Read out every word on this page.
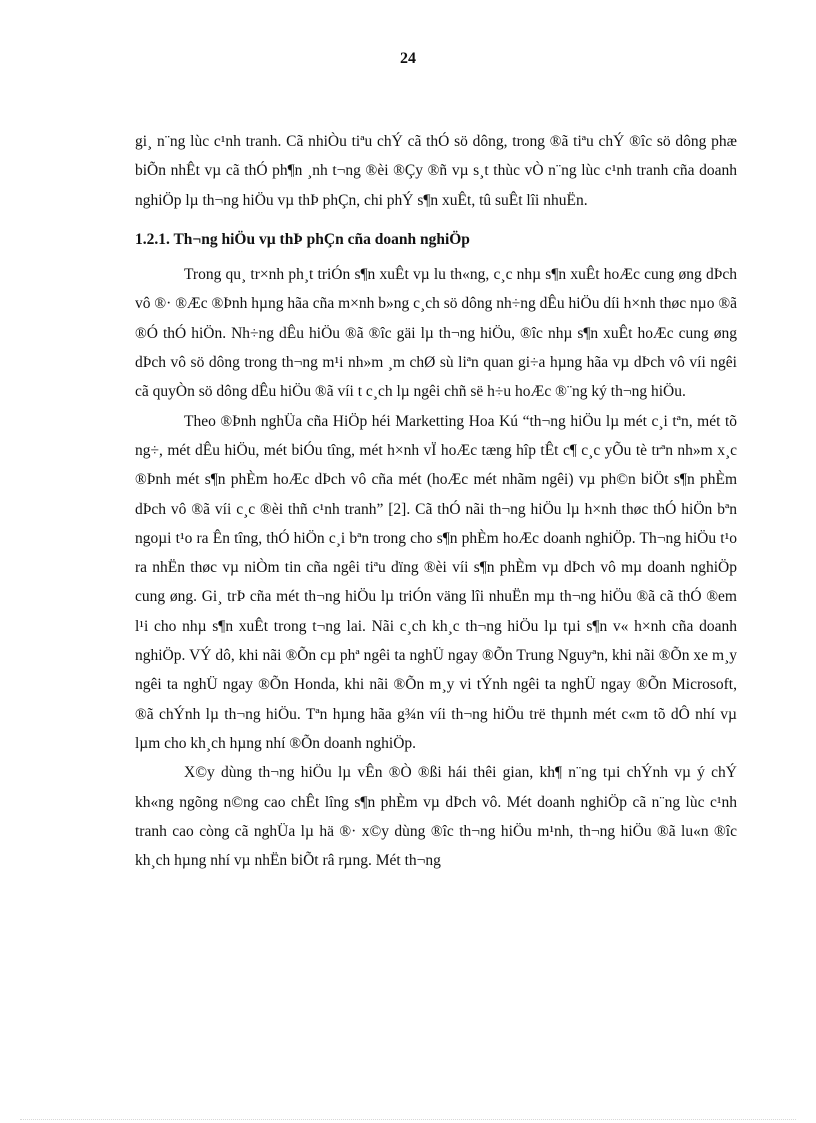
24

gi¸ n¨ng lùc c¹nh tranh. Cã nhiÒu tiªu chÝ cã thÓ sö dông, trong ®ã tiªu chÝ ®îc sö dông phæ biÕn nhÊt vµ cã thÓ ph¶n ¸nh t¬ng ®èi ®Çy ®ñ vµ s¸t thùc vÒ n¨ng lùc c¹nh tranh cña doanh nghiÖp lµ th¬ng hiÖu vµ thÞ phÇn, chi phÝ s¶n xuÊt, tû suÊt lîi nhuËn.

1.2.1. Th¬ng hiÖu vµ thÞ phÇn cña doanh nghiÖp

Trong qu¸ tr×nh ph¸t triÓn s¶n xuÊt vµ lu th«ng, c¸c nhµ s¶n xuÊt hoÆc cung øng dÞch vô ®· ®Æc ®Þnh hµng hãa cña m×nh b»ng c¸ch sö dông nh÷ng dÊu hiÖu díi h×nh thøc nµo ®ã ®Ó thÓ hiÖn. Nh÷ng dÊu hiÖu ®ã ®îc gäi lµ th¬ng hiÖu, ®îc nhµ s¶n xuÊt hoÆc cung øng dÞch vô sö dông trong th¬ng m¹i nh»m ¸m chØ sù liªn quan gi÷a hµng hãa vµ dÞch vô víi ngêi cã quyÒn sö dông dÊu hiÖu ®ã víi t c¸ch lµ ngêi chñ së h÷u hoÆc ®¨ng ký th¬ng hiÖu.

Theo ®Þnh nghÜa cña HiÖp héi Marketting Hoa Kú “th¬ng hiÖu lµ mét c¸i tªn, mét tõ ng÷, mét dÊu hiÖu, mét biÓu tîng, mét h×nh vÏ hoÆc tæng hîp tÊt c¶ c¸c yÕu tè trªn nh»m x¸c ®Þnh mét s¶n phÈm hoÆc dÞch vô cña mét (hoÆc mét nhãm ngêi) vµ ph©n biÖt s¶n phÈm dÞch vô ®ã víi c¸c ®èi thñ c¹nh tranh” [2]. Cã thÓ nãi th¬ng hiÖu lµ h×nh thøc thÓ hiÖn bªn ngoµi t¹o ra Ên tîng, thÓ hiÖn c¸i bªn trong cho s¶n phÈm hoÆc doanh nghiÖp. Th¬ng hiÖu t¹o ra nhËn thøc vµ niÒm tin cña ngêi tiªu dïng ®èi víi s¶n phÈm vµ dÞch vô mµ doanh nghiÖp cung øng. Gi¸ trÞ cña mét th¬ng hiÖu lµ triÓn väng lîi nhuËn mµ th¬ng hiÖu ®ã cã thÓ ®em l¹i cho nhµ s¶n xuÊt trong t¬ng lai. Nãi c¸ch kh¸c th¬ng hiÖu lµ tµi s¶n v« h×nh cña doanh nghiÖp. VÝ dô, khi nãi ®Õn cµ phª ngêi ta nghÜ ngay ®Õn Trung Nguyªn, khi nãi ®Õn xe m¸y ngêi ta nghÜ ngay ®Õn Honda, khi nãi ®Õn m¸y vi tÝnh ngêi ta nghÜ ngay ®Õn Microsoft, ®ã chÝnh lµ th¬ng hiÖu. Tªn hµng hãa g¾n víi th¬ng hiÖu trë thµnh mét c«m tõ dÔ nhí vµ lµm cho kh¸ch hµng nhí ®Õn doanh nghiÖp.

X©y dùng th¬ng hiÖu lµ vÊn ®Ò ®ßi hái thêi gian, kh¶ n¨ng tµi chÝnh vµ ý chÝ kh«ng ngõng n©ng cao chÊt lîng s¶n phÈm vµ dÞch vô. Mét doanh nghiÖp cã n¨ng lùc c¹nh tranh cao còng cã nghÜa lµ hä ®· x©y dùng ®îc th¬ng hiÖu m¹nh, th¬ng hiÖu ®ã lu«n ®îc kh¸ch hµng nhí vµ nhËn biÕt râ rµng. Mét th¬ng
